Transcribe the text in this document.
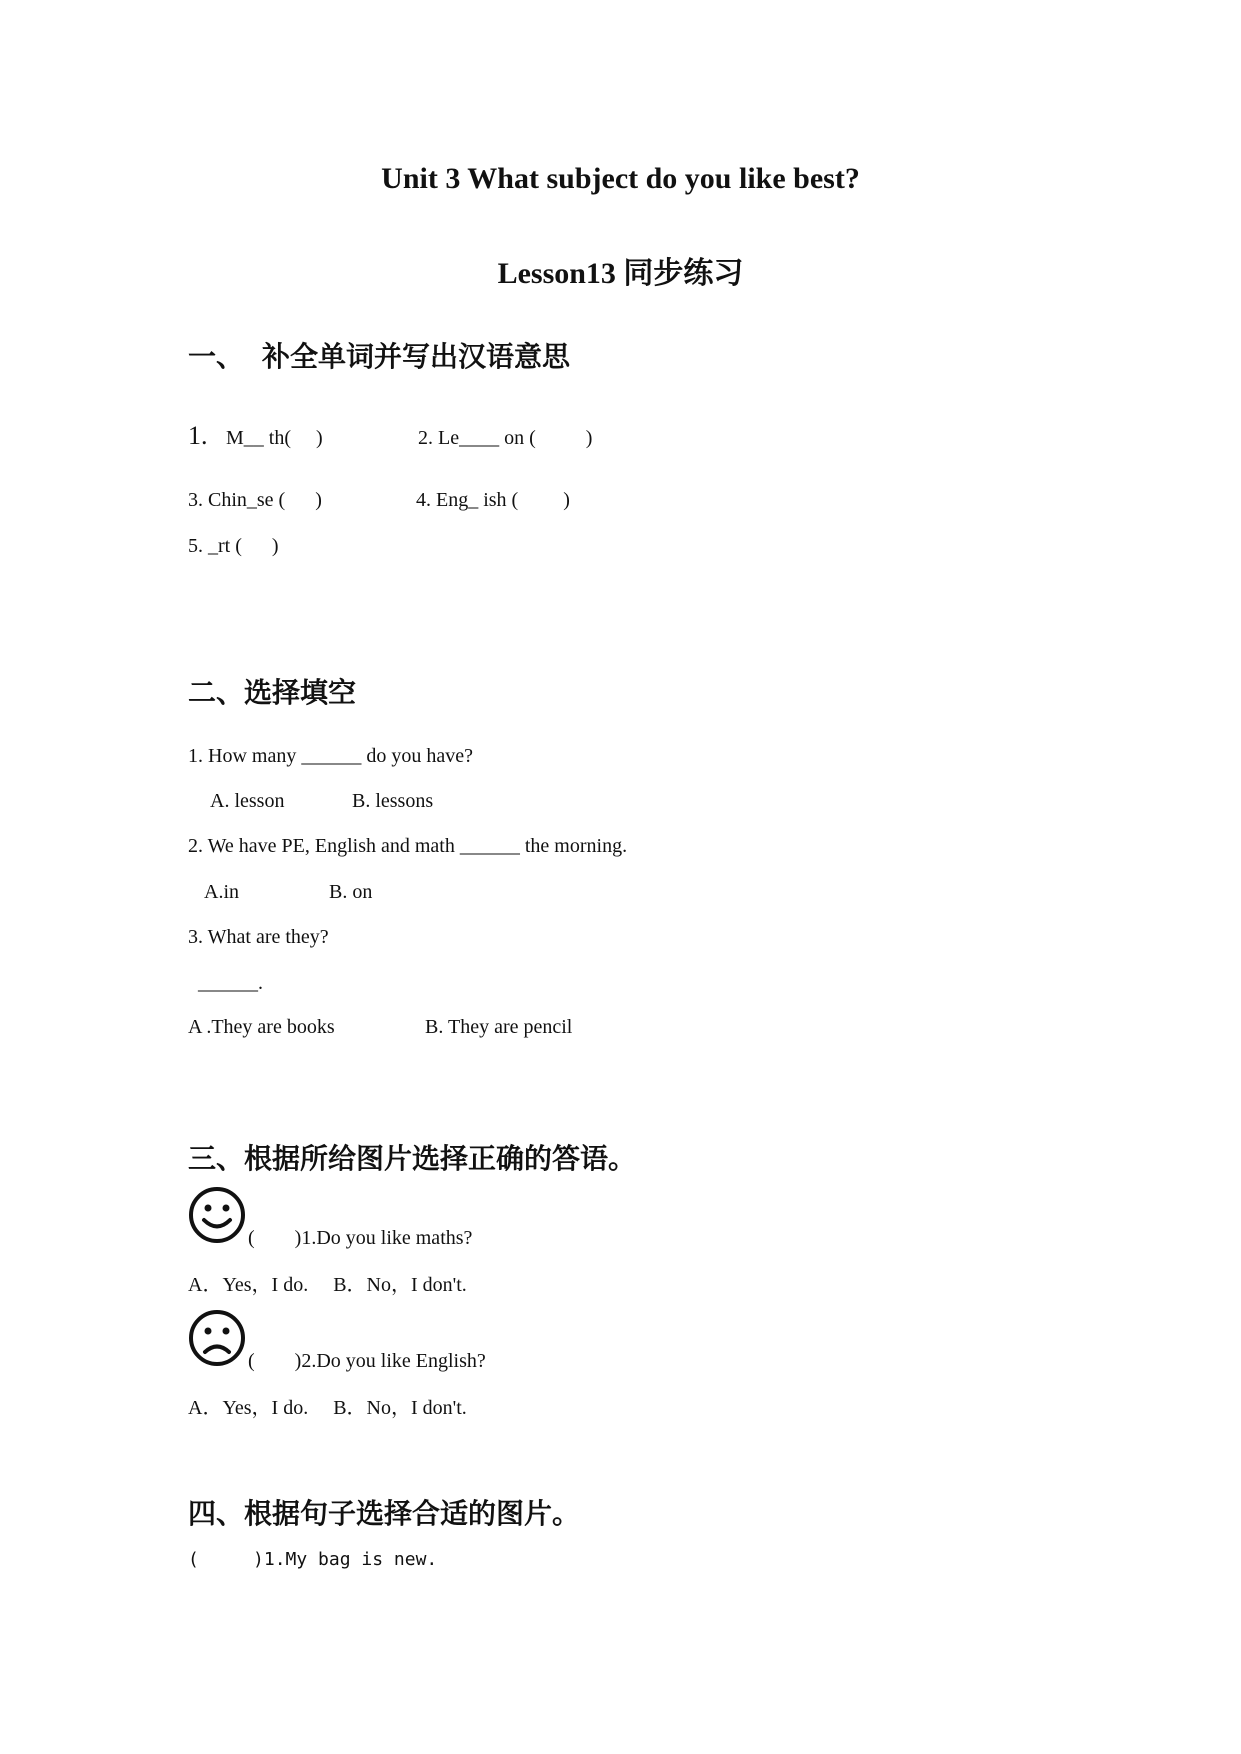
Unit 3 What subject do you like best?
Lesson13 同步练习
一、 补全单词并写出汉语意思
1. M__ th(     )	2. Le____ on (          )
3. Chin_se (      )	4. Eng_ ish (         )
5. _rt (      )
二、选择填空
1. How many ______ do you have?
A. lesson	B. lessons
2. We have PE, English and math ______ the morning.
A.in	B. on
3. What are they?
______.
A .They are books	B. They are pencil
三、根据所给图片选择正确的答语。
(        )1.Do you like maths?
A．Yes，I do.     B．No，I don't.
(        )2.Do you like English?
A．Yes，I do.     B．No，I don't.
四、根据句子选择合适的图片。
(     )1.My bag is new.
